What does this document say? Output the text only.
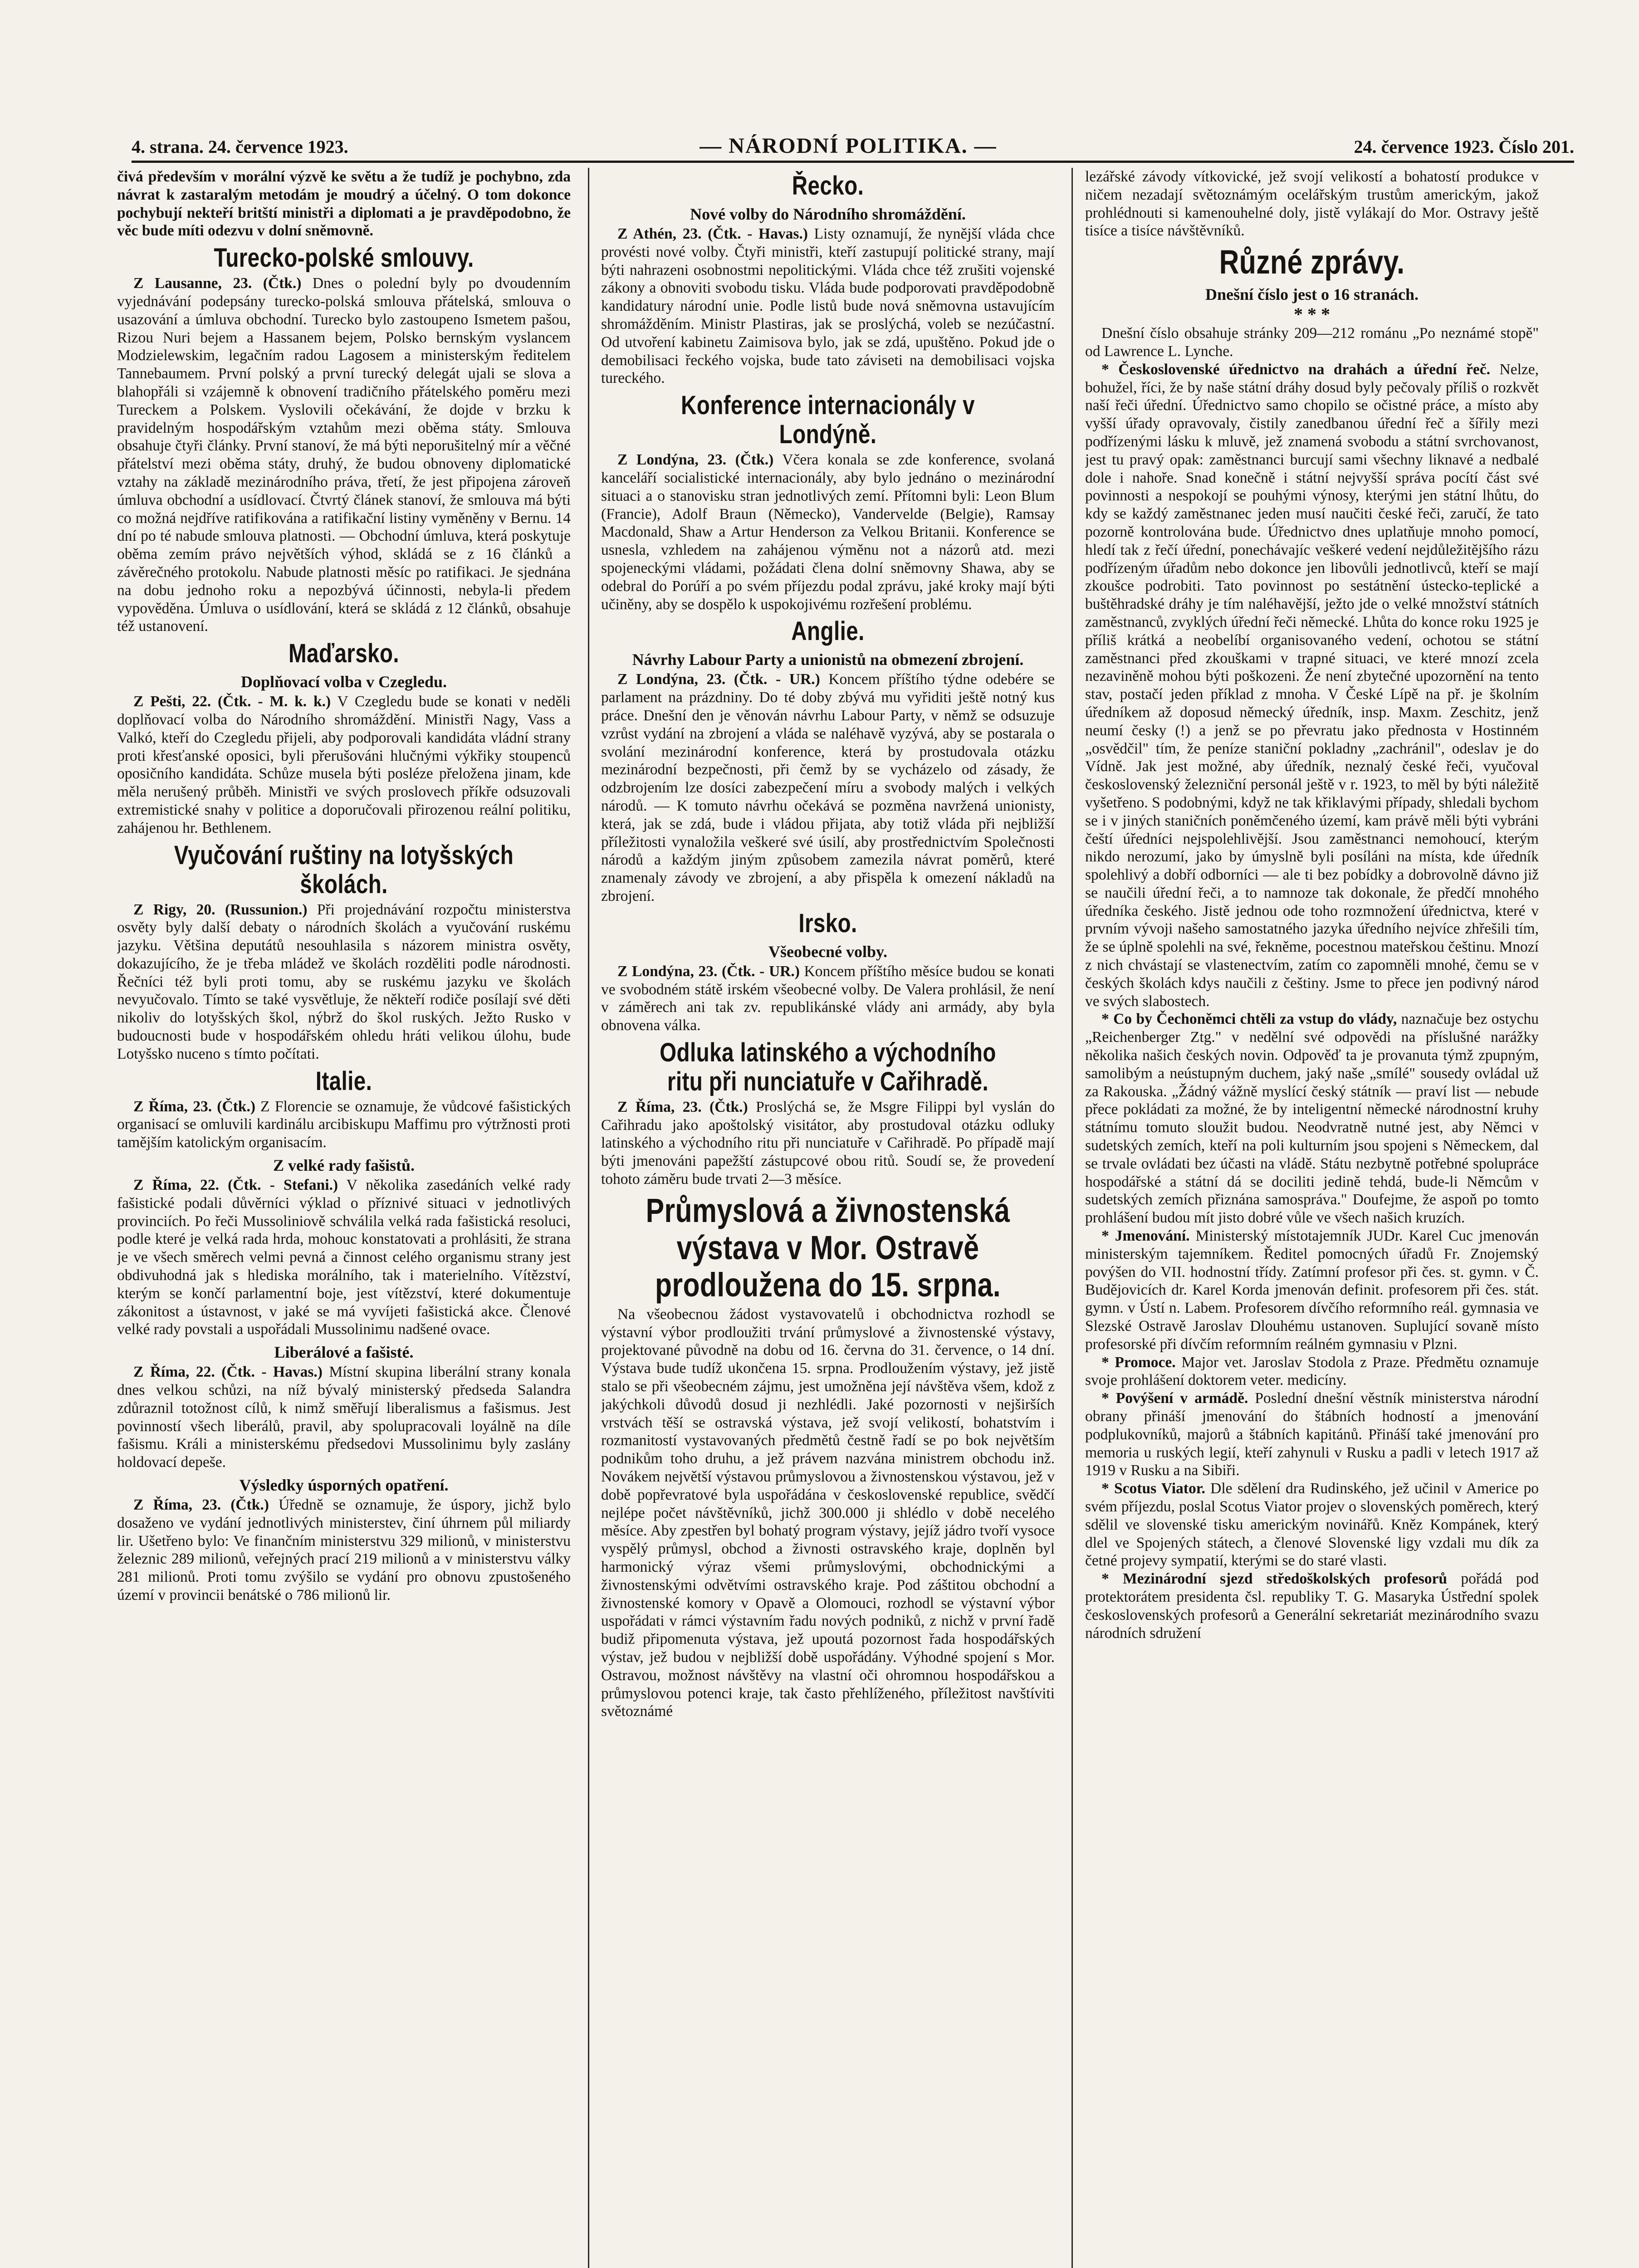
4. strana. 24. července 1923.	— NÁRODNÍ POLITIKA. —	24. července 1923. Číslo 201.

čivá především v morální výzvě ke světu a že tudíž je pochybno, zda návrat k zastaralým metodám je moudrý a účelný. O tom dokonce pochybují nekteří britští ministři a diplomati a je pravděpodobno, že věc bude míti odezvu v dolní sněmovně.

Turecko-polské smlouvy.

Z Lausanne, 23. (Čtk.) Dnes o polední byly po dvoudenním vyjednávání podepsány turecko-polská smlouva přátelská, smlouva o usazování a úmluva obchodní. Turecko bylo zastoupeno Ismetem pašou, Rizou Nuri bejem a Hassanem bejem, Polsko bernským vyslancem Modzielewskim, legačním radou Lagosem a ministerským ředitelem Tannebaumem. První polský a první turecký delegát ujali se slova a blahopřáli si vzájemně k obnovení tradičního přátelského poměru mezi Tureckem a Polskem. Vyslovili očekávání, že dojde v brzku k pravidelným hospodářským vztahům mezi oběma státy. Smlouva obsahuje čtyři články. První stanoví, že má býti neporušitelný mír a věčné přátelství mezi oběma státy, druhý, že budou obnoveny diplomatické vztahy na základě mezinárodního práva, třetí, že jest připojena zároveň úmluva obchodní a usídlovací. Čtvrtý článek stanoví, že smlouva má býti co možná nejdříve ratifikována a ratifikační listiny vyměněny v Bernu. 14 dní po té nabude smlouva platnosti. — Obchodní úmluva, která poskytuje oběma zemím právo největších výhod, skládá se z 16 článků a závěrečného protokolu. Nabude platnosti měsíc po ratifikaci. Je sjednána na dobu jednoho roku a nepozbývá účinnosti, nebyla-li předem vypověděna. Úmluva o usídlování, která se skládá z 12 článků, obsahuje též ustanovení.

Maďarsko.
Doplňovací volba v Czegledu.

Z Pešti, 22. (Čtk. - M. k. k.) V Czegledu bude se konati v neděli doplňovací volba do Národního shromáždění. Ministři Nagy, Vass a Valkó, kteří do Czegledu přijeli, aby podporovali kandidáta vládní strany proti křesťanské oposici, byli přerušováni hlučnými výkřiky stoupenců oposičního kandidáta. Schůze musela býti posléze přeložena jinam, kde měla nerušený průběh. Ministři ve svých proslovech příkře odsuzovali extremistické snahy v politice a doporučovali přirozenou reální politiku, zahájenou hr. Bethlenem.

Vyučování ruštiny na lotyšských školách.

Z Rigy, 20. (Russunion.) Při projednávání rozpočtu ministerstva osvěty byly další debaty o národních školách a vyučování ruskému jazyku. Většina deputátů nesouhlasila s názorem ministra osvěty, dokazujícího, že je třeba mládež ve školách rozděliti podle národnosti. Řečníci též byli proti tomu, aby se ruskému jazyku ve školách nevyučovalo. Tímto se také vysvětluje, že někteří rodiče posílají své děti nikoliv do lotyšských škol, nýbrž do škol ruských. Ježto Rusko v budoucnosti bude v hospodářském ohledu hráti velikou úlohu, bude Lotyšsko nuceno s tímto počítati.

Italie.

Z Říma, 23. (Čtk.) Z Florencie se oznamuje, že vůdcové fašistických organisací se omluvili kardinálu arcibiskupu Maffimu pro výtržnosti proti tamějším katolickým organisacím.

Z velké rady fašistů.

Z Říma, 22. (Čtk. - Stefani.) V několika zasedáních velké rady fašistické podali důvěrníci výklad o příznivé situaci v jednotlivých provinciích. Po řeči Mussoliniově schválila velká rada fašistická resoluci, podle které je velká rada hrda, mohouc konstatovati a prohlásiti, že strana je ve všech směrech velmi pevná a činnost celého organismu strany jest obdivuhodná jak s hlediska morálního, tak i materielního. Vítězství, kterým se končí parlamentní boje, jest vítězství, které dokumentuje zákonitost a ústavnost, v jaké se má vyvíjeti fašistická akce. Členové velké rady povstali a uspořádali Mussolinimu nadšené ovace.

Liberálové a fašisté.

Z Říma, 22. (Čtk. - Havas.) Místní skupina liberální strany konala dnes velkou schůzi, na níž bývalý ministerský předseda Salandra zdůraznil totožnost cílů, k nimž směřují liberalismus a fašismus. Jest povinností všech liberálů, pravil, aby spolupracovali loyálně na díle fašismu. Králi a ministerskému předsedovi Mussolinimu byly zaslány holdovací depeše.

Výsledky úsporných opatření.

Z Říma, 23. (Čtk.) Úředně se oznamuje, že úspory, jichž bylo dosaženo ve vydání jednotlivých ministerstev, činí úhrnem půl miliardy lir. Ušetřeno bylo: Ve finančním ministerstvu 329 milionů, v ministerstvu železnic 289 milionů, veřejných prací 219 milionů a v ministerstvu války 281 milionů. Proti tomu zvýšilo se vydání pro obnovu zpustošeného území v provincii benátské o 786 milionů lir.

Řecko.
Nové volby do Národního shromáždění.

Z Athén, 23. (Čtk. - Havas.) Listy oznamují, že nynější vláda chce provésti nové volby. Čtyři ministři, kteří zastupují politické strany, mají býti nahrazeni osobnostmi nepolitickými. Vláda chce též zrušiti vojenské zákony a obnoviti svobodu tisku. Vláda bude podporovati pravděpodobně kandidatury národní unie. Podle listů bude nová sněmovna ustavujícím shromážděním. Ministr Plastiras, jak se proslýchá, voleb se nezúčastní. Od utvoření kabinetu Zaimisova bylo, jak se zdá, upuštěno. Pokud jde o demobilisaci řeckého vojska, bude tato záviseti na demobilisaci vojska tureckého.

Konference internacionály v Londýně.

Z Londýna, 23. (Čtk.) Včera konala se zde konference, svolaná kanceláří socialistické internacionály, aby bylo jednáno o mezinárodní situaci a o stanovisku stran jednotlivých zemí. Přítomni byli: Leon Blum (Francie), Adolf Braun (Německo), Vandervelde (Belgie), Ramsay Macdonald, Shaw a Artur Henderson za Velkou Britanii. Konference se usnesla, vzhledem na zahájenou výměnu not a názorů atd. mezi spojeneckými vládami, požádati člena dolní sněmovny Shawa, aby se odebral do Porúří a po svém příjezdu podal zprávu, jaké kroky mají býti učiněny, aby se dospělo k uspokojivému rozřešení problému.

Anglie.
Návrhy Labour Party a unionistů na obmezení zbrojení.

Z Londýna, 23. (Čtk. - UR.) Koncem příštího týdne odebére se parlament na prázdniny. Do té doby zbývá mu vyřiditi ještě notný kus práce. Dnešní den je věnován návrhu Labour Party, v němž se odsuzuje vzrůst vydání na zbrojení a vláda se naléhavě vyzývá, aby se postarala o svolání mezinárodní konference, která by prostudovala otázku mezinárodní bezpečnosti, při čemž by se vycházelo od zásady, že odzbrojením lze dosíci zabezpečení míru a svobody malých i velkých národů. — K tomuto návrhu očekává se pozměna navržená unionisty, která, jak se zdá, bude i vládou přijata, aby totiž vláda při nejbližší příležitosti vynaložila veškeré své úsilí, aby prostřednictvím Společnosti národů a každým jiným způsobem zamezila návrat poměrů, které znamenaly závody ve zbrojení, a aby přispěla k omezení nákladů na zbrojení.

Irsko.
Všeobecné volby.

Z Londýna, 23. (Čtk. - UR.) Koncem příštího měsíce budou se konati ve svobodném státě irském všeobecné volby. De Valera prohlásil, že není v záměrech ani tak zv. republikánské vlády ani armády, aby byla obnovena válka.

Odluka latinského a východního ritu při nunciatuře v Cařihradě.

Z Říma, 23. (Čtk.) Proslýchá se, že Msgre Filippi byl vyslán do Cařihradu jako apoštolský visitátor, aby prostudoval otázku odluky latinského a východního ritu při nunciatuře v Cařihradě. Po případě mají býti jmenováni papežští zástupcové obou ritů. Soudí se, že provedení tohoto záměru bude trvati 2—3 měsíce.

Průmyslová a živnostenská výstava v Mor. Ostravě prodloužena do 15. srpna.

Na všeobecnou žádost vystavovatelů i obchodnictva rozhodl se výstavní výbor prodloužiti trvání průmyslové a živnostenské výstavy, projektované původně na dobu od 16. června do 31. července, o 14 dní. Výstava bude tudíž ukončena 15. srpna. Prodloužením výstavy, jež jistě stalo se při všeobecném zájmu, jest umožněna její návštěva všem, kdož z jakýchkoli důvodů dosud ji nezhlédli. Jaké pozornosti v nejširších vrstvách těší se ostravská výstava, jež svojí velikostí, bohatstvím i rozmanitostí vystavovaných předmětů čestně řadí se po bok největším podnikům toho druhu, a jež právem nazvána ministrem obchodu inž. Novákem největší výstavou průmyslovou a živnostenskou výstavou, jež v době popřevratové byla uspořádána v československé republice, svědčí nejlépe počet návštěvníků, jichž 300.000 ji shlédlo v době necelého měsíce. Aby zpestřen byl bohatý program výstavy, jejíž jádro tvoří vysoce vyspělý průmysl, obchod a živnosti ostravského kraje, doplněn byl harmonický výraz všemi průmyslovými, obchodnickými a živnostenskými odvětvími ostravského kraje. Pod záštitou obchodní a živnostenské komory v Opavě a Olomouci, rozhodl se výstavní výbor uspořádati v rámci výstavním řadu nových podniků, z nichž v první řadě budiž připomenuta výstava, jež upoutá pozornost řada hospodářských výstav, jež budou v nejbližší době uspořádány. Výhodné spojení s Mor. Ostravou, možnost návštěvy na vlastní oči ohromnou hospodářskou a průmyslovou potenci kraje, tak často přehlíženého, příležitost navštíviti světoznámé

lezářské závody vítkovické, jež svojí velikostí a bohatostí produkce v ničem nezadají světoznámým ocelářským trustům americkým, jakož prohlédnouti si kamenouhelné doly, jistě vylákají do Mor. Ostravy ještě tisíce a tisíce návštěvníků.

Různé zprávy.
Dnešní číslo jest o 16 stranách.
* * *

Dnešní číslo obsahuje stránky 209—212 románu „Po neznámé stopě" od Lawrence L. Lynche.

* Československé úřednictvo na drahách a úřední řeč. Nelze, bohužel, říci, že by naše státní dráhy dosud byly pečovaly příliš o rozkvět naší řeči úřední. Úřednictvo samo chopilo se očistné práce, a místo aby vyšší úřady opravovaly, čistily zanedbanou úřední řeč a šířily mezi podřízenými lásku k mluvě, jež znamená svobodu a státní svrchovanost, jest tu pravý opak: zaměstnanci burcují sami všechny liknavé a nedbalé dole i nahoře. Snad konečně i státní nejvyšší správa pocítí část své povinnosti a nespokojí se pouhými výnosy, kterými jen státní lhůtu, do kdy se každý zaměstnanec jeden musí naučiti české řeči, zaručí, že tato pozorně kontrolována bude. Úřednictvo dnes uplatňuje mnoho pomocí, hledí tak z řečí úřední, ponechávajíc veškeré vedení nejdůležitějšího rázu podřízeným úřadům nebo dokonce jen libovůli jednotlivců, kteří se mají zkoušce podrobiti. Tato povinnost po sestátnění ústecko-teplické a buštěhradské dráhy je tím naléhavější, ježto jde o velké množství státních zaměstnanců, zvyklých úřední řeči německé. Lhůta do konce roku 1925 je příliš krátká a neobelíbí organisovaného vedení, ochotou se státní zaměstnanci před zkouškami v trapné situaci, ve které mnozí zcela nezaviněně mohou býti poškozeni. Že není zbytečné upozornění na tento stav, postačí jeden příklad z mnoha. V České Lípě na př. je školním úředníkem až doposud německý úředník, insp. Maxm. Zeschitz, jenž neumí česky (!) a jenž se po převratu jako přednosta v Hostinném „osvědčil" tím, že peníze staniční pokladny „zachránil", odeslav je do Vídně. Jak jest možné, aby úředník, neznalý české řeči, vyučoval československý železniční personál ještě v r. 1923, to měl by býti náležitě vyšetřeno. S podobnými, když ne tak křiklavými případy, shledali bychom se i v jiných staničních poněmčeného území, kam právě měli býti vybráni čeští úředníci nejspolehlivější. Jsou zaměstnanci nemohoucí, kterým nikdo nerozumí, jako by úmyslně byli posíláni na místa, kde úředník spolehlivý a dobří odborníci — ale ti bez pobídky a dobrovolně dávno již se naučili úřední řeči, a to namnoze tak dokonale, že předčí mnohého úředníka českého. Jistě jednou ode toho rozmnožení úřednictva, které v prvním vývoji našeho samostatného jazyka úředního nejvíce zhřešili tím, že se úplně spolehli na své, řekněme, pocestnou mateřskou češtinu. Mnozí z nich chvástají se vlastenectvím, zatím co zapomněli mnohé, čemu se v českých školách kdys naučili z češtiny. Jsme to přece jen podivný národ ve svých slabostech.

* Co by Čechoněmci chtěli za vstup do vlády, naznačuje bez ostychu „Reichenberger Ztg." v nedělní své odpovědi na příslušné narážky několika našich českých novin. Odpověď ta je provanuta týmž zpupným, samolibým a neústupným duchem, jaký naše „smílé" sousedy ovládal už za Rakouska. „Žádný vážně myslící český státník — praví list — nebude přece pokládati za možné, že by inteligentní německé národnostní kruhy státnímu tomuto sloužit budou. Neodvratně nutné jest, aby Němci v sudetských zemích, kteří na poli kulturním jsou spojeni s Německem, dal se trvale ovládati bez účasti na vládě. Státu nezbytně potřebné spolupráce hospodářské a státní dá se dociliti jedině tehdá, bude-li Němcům v sudetských zemích přiznána samospráva." Doufejme, že aspoň po tomto prohlášení budou mít jisto dobré vůle ve všech našich kruzích.

* Jmenování. Ministerský místotajemník JUDr. Karel Cuc jmenován ministerským tajemníkem. Ředitel pomocných úřadů Fr. Znojemský povýšen do VII. hodnostní třídy. Zatímní profesor při čes. st. gymn. v Č. Budějovicích dr. Karel Korda jmenován definit. profesorem při čes. stát. gymn. v Ústí n. Labem. Profesorem dívčího reformního reál. gymnasia ve Slezské Ostravě Jaroslav Dlouhému ustanoven. Suplující sovaně místo profesorské při dívčím reformním reálném gymnasiu v Plzni.

* Promoce. Major vet. Jaroslav Stodola z Praze. Předmětu oznamuje svoje prohlášení doktorem veter. medicíny.

* Povýšení v armádě. Poslední dnešní věstník ministerstva národní obrany přináší jmenování do štábních hodností a jmenování podplukovníků, majorů a štábních kapitánů. Přináší také jmenování pro memoria u ruských legií, kteří zahynuli v Rusku a padli v letech 1917 až 1919 v Rusku a na Sibiři.

* Scotus Viator. Dle sdělení dra Rudinského, jež učinil v Americe po svém příjezdu, poslal Scotus Viator projev o slovenských poměrech, který sdělil ve slovenské tisku americkým novinářů. Kněz Kompánek, který dlel ve Spojených státech, a členové Slovenské ligy vzdali mu dík za četné projevy sympatií, kterými se do staré vlasti.

* Mezinárodní sjezd středoškolských profesorů pořádá pod protektorátem presidenta čsl. republiky T. G. Masaryka Ústřední spolek československých profesorů a Generální sekretariát mezinárodního svazu národních sdružení
